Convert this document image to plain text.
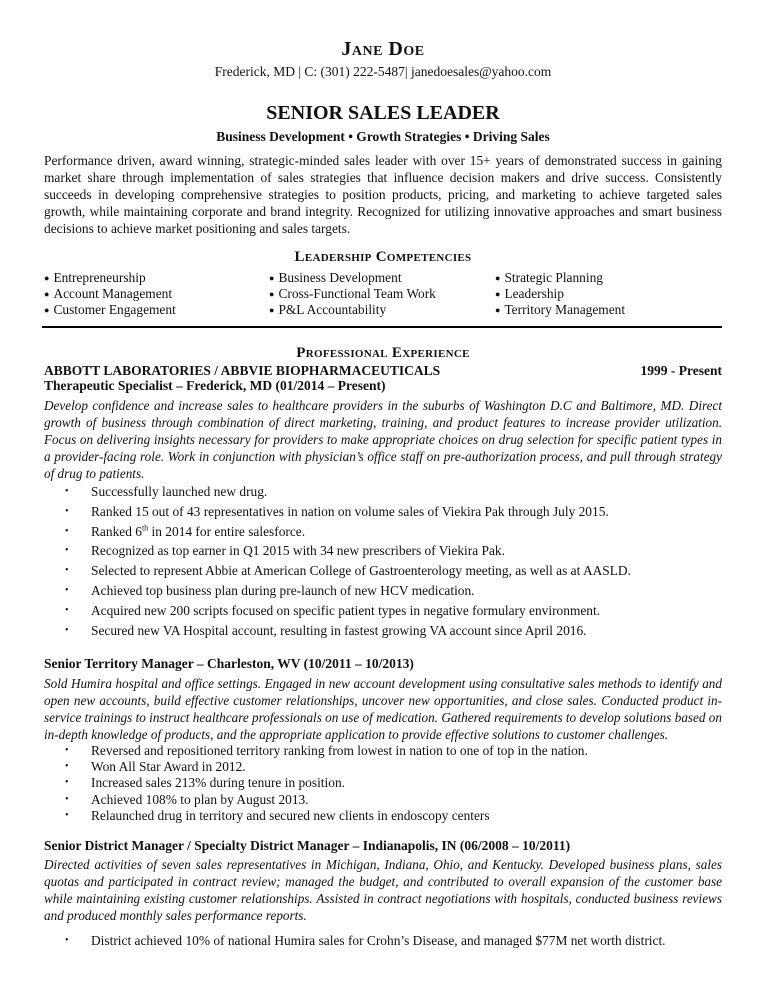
Jane Doe
Frederick, MD | C: (301) 222-5487| janedoesales@yahoo.com
SENIOR SALES LEADER
Business Development • Growth Strategies • Driving Sales
Performance driven, award winning, strategic-minded sales leader with over 15+ years of demonstrated success in gaining market share through implementation of sales strategies that influence decision makers and drive success. Consistently succeeds in developing comprehensive strategies to position products, pricing, and marketing to achieve targeted sales growth, while maintaining corporate and brand integrity. Recognized for utilizing innovative approaches and smart business decisions to achieve market positioning and sales targets.
Leadership Competencies
● Entrepreneurship	● Business Development	● Strategic Planning
● Account Management	● Cross-Functional Team Work	● Leadership
● Customer Engagement	● P&L Accountability	● Territory Management
Professional Experience
ABBOTT LABORATORIES / ABBVIE BIOPHARMACEUTICALS	1999 - Present
Therapeutic Specialist – Frederick, MD (01/2014 – Present)
Develop confidence and increase sales to healthcare providers in the suburbs of Washington D.C and Baltimore, MD. Direct growth of business through combination of direct marketing, training, and product features to increase provider utilization. Focus on delivering insights necessary for providers to make appropriate choices on drug selection for specific patient types in a provider-facing role. Work in conjunction with physician’s office staff on pre-authorization process, and pull through strategy of drug to patients.
• Successfully launched new drug.
• Ranked 15 out of 43 representatives in nation on volume sales of Viekira Pak through July 2015.
• Ranked 6th in 2014 for entire salesforce.
• Recognized as top earner in Q1 2015 with 34 new prescribers of Viekira Pak.
• Selected to represent Abbie at American College of Gastroenterology meeting, as well as at AASLD.
• Achieved top business plan during pre-launch of new HCV medication.
• Acquired new 200 scripts focused on specific patient types in negative formulary environment.
• Secured new VA Hospital account, resulting in fastest growing VA account since April 2016.
Senior Territory Manager – Charleston, WV (10/2011 – 10/2013)
Sold Humira hospital and office settings. Engaged in new account development using consultative sales methods to identify and open new accounts, build effective customer relationships, uncover new opportunities, and close sales. Conducted product in-service trainings to instruct healthcare professionals on use of medication. Gathered requirements to develop solutions based on in-depth knowledge of products, and the appropriate application to provide effective solutions to customer challenges.
• Reversed and repositioned territory ranking from lowest in nation to one of top in the nation.
• Won All Star Award in 2012.
• Increased sales 213% during tenure in position.
• Achieved 108% to plan by August 2013.
• Relaunched drug in territory and secured new clients in endoscopy centers
Senior District Manager / Specialty District Manager – Indianapolis, IN (06/2008 – 10/2011)
Directed activities of seven sales representatives in Michigan, Indiana, Ohio, and Kentucky. Developed business plans, sales quotas and participated in contract review; managed the budget, and contributed to overall expansion of the customer base while maintaining existing customer relationships. Assisted in contract negotiations with hospitals, conducted business reviews and produced monthly sales performance reports.
• District achieved 10% of national Humira sales for Crohn’s Disease, and managed $77M net worth district.
